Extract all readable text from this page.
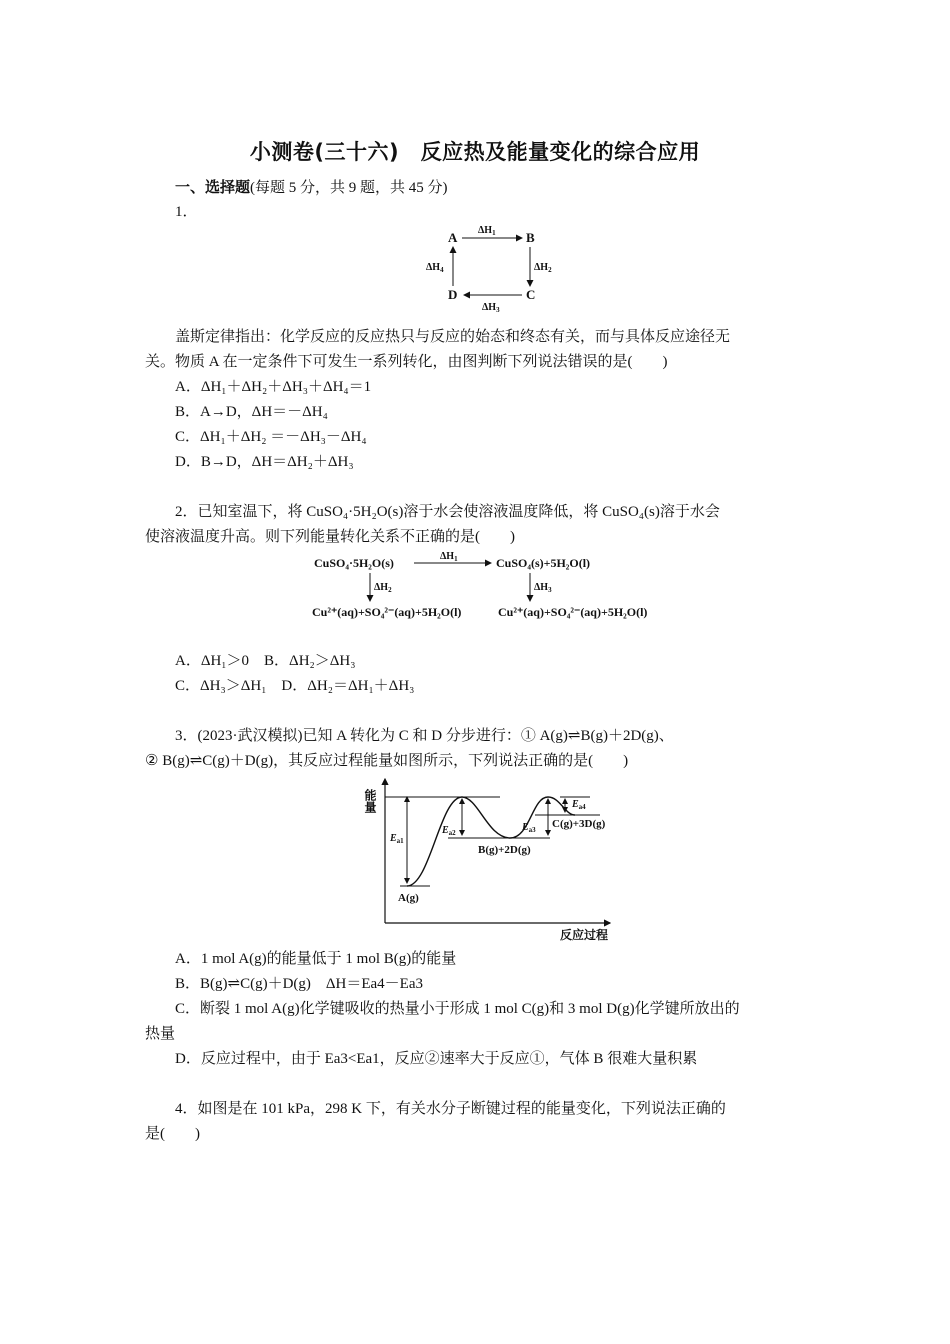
小测卷(三十六)　反应热及能量变化的综合应用
一、选择题(每题 5 分，共 9 题，共 45 分)
1．
A	B
C
D
$\Delta H_1$
$\Delta H_2$
$\Delta H_3$
$\Delta H_4$
盖斯定律指出：化学反应的反应热只与反应的始态和终态有关，而与具体反应途径无
关。物质 A 在一定条件下可发生一系列转化，由图判断下列说法错误的是(　　)
A．ΔH₁＋ΔH₂＋ΔH₃＋ΔH₄＝1
B．A→D，ΔH＝－ΔH₄
C．ΔH₁＋ΔH₂ ＝－ΔH₃－ΔH₄
D．B→D，ΔH＝ΔH₂＋ΔH₃
2．已知室温下，将 CuSO₄·5H₂O(s)溶于水会使溶液温度降低，将 CuSO₄(s)溶于水会
使溶液温度升高。则下列能量转化关系不正确的是(　　)
CuSO₄·5H₂O(s)	CuSO₄(s)+5H₂O(l)
Cu²⁺(aq)+SO₄²⁻(aq)+5H₂O(l)	Cu²⁺(aq)+SO₄²⁻(aq)+5H₂O(l)
$\Delta H_1$
$\Delta H_2$	$\Delta H_3$
A．ΔH₁＞0　B．ΔH₂＞ΔH₃
C．ΔH₃＞ΔH₁　D．ΔH₂＝ΔH₁＋ΔH₃
3．(2023·武汉模拟)已知 A 转化为 C 和 D 分步进行：① A(g)⇌B(g)＋2D(g)、
② B(g)⇌C(g)＋D(g)，其反应过程能量如图所示，下列说法正确的是(　　)
能量
反应过程
$E_{a1}$
$E_{a2}$	$E_{a3}$
$E_{a4}$
A(g)
B(g)+2D(g)
C(g)+3D(g)
A．1 mol A(g)的能量低于 1 mol B(g)的能量
B．B(g)⇌C(g)＋D(g)　ΔH＝Ea4－Ea3
C．断裂 1 mol A(g)化学键吸收的热量小于形成 1 mol C(g)和 3 mol D(g)化学键所放出的
热量
D．反应过程中，由于 Ea3<Ea1，反应②速率大于反应①，气体 B 很难大量积累
4．如图是在 101 kPa，298 K 下，有关水分子断键过程的能量变化，下列说法正确的
是(　　)
